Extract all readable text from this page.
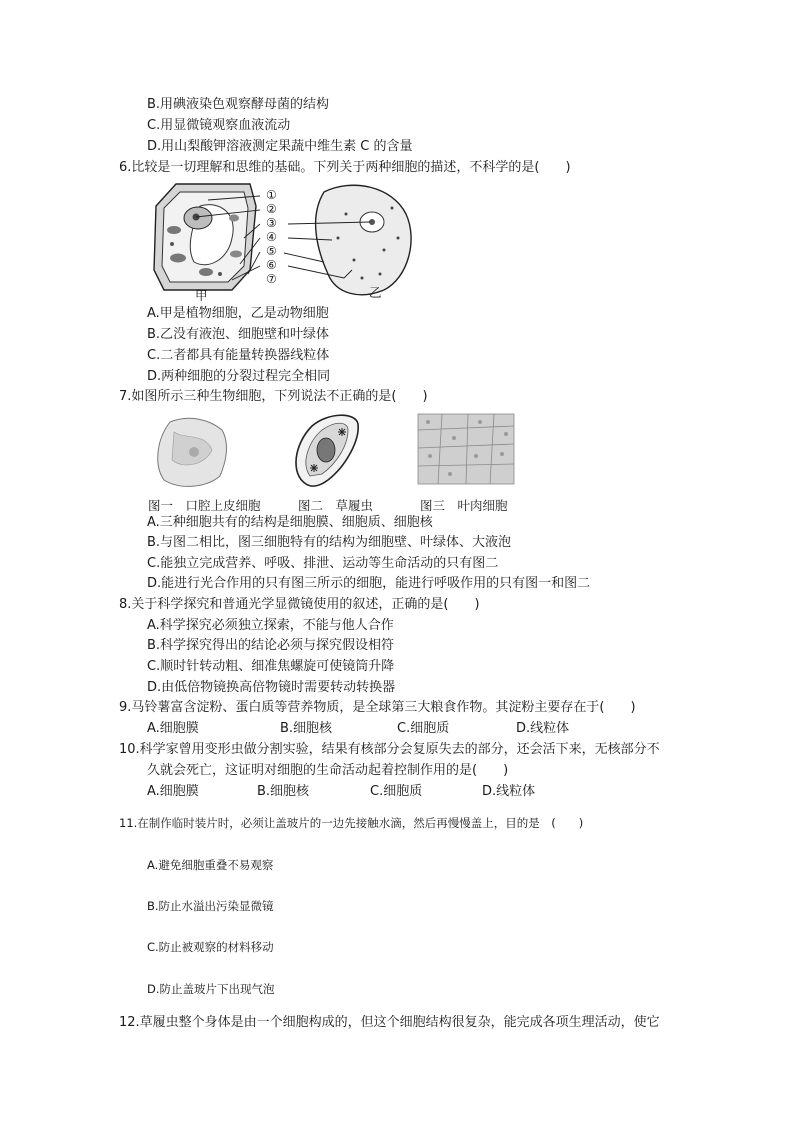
B.用碘液染色观察酵母菌的结构
C.用显微镜观察血液流动
D.用山梨酸钾溶液测定果蔬中维生素 C 的含量
6.比较是一切理解和思维的基础。下列关于两种细胞的描述，不科学的是(　　)
①
②
③
④
⑤
⑥
⑦
甲	乙
A.甲是植物细胞，乙是动物细胞
B.乙没有液泡、细胞壁和叶绿体
C.二者都具有能量转换器线粒体
D.两种细胞的分裂过程完全相同
7.如图所示三种生物细胞，下列说法不正确的是(　　)
图一　口腔上皮细胞	图二　草履虫	图三　叶肉细胞
A.三种细胞共有的结构是细胞膜、细胞质、细胞核
B.与图二相比，图三细胞特有的结构为细胞壁、叶绿体、大液泡
C.能独立完成营养、呼吸、排泄、运动等生命活动的只有图二
D.能进行光合作用的只有图三所示的细胞，能进行呼吸作用的只有图一和图二
8.关于科学探究和普通光学显微镜使用的叙述，正确的是(　　)
A.科学探究必须独立探索，不能与他人合作
B.科学探究得出的结论必须与探究假设相符
C.顺时针转动粗、细准焦螺旋可使镜筒升降
D.由低倍物镜换高倍物镜时需要转动转换器
9.马铃薯富含淀粉、蛋白质等营养物质，是全球第三大粮食作物。其淀粉主要存在于(　　)
A.细胞膜	B.细胞核	C.细胞质	D.线粒体
10.科学家曾用变形虫做分割实验，结果有核部分会复原失去的部分，还会活下来，无核部分不
久就会死亡，这证明对细胞的生命活动起着控制作用的是(　　)
A.细胞膜	B.细胞核	C.细胞质	D.线粒体
11.在制作临时装片时，必须让盖玻片的一边先接触水滴，然后再慢慢盖上，目的是　(　　)
A.避免细胞重叠不易观察
B.防止水溢出污染显微镜
C.防止被观察的材料移动
D.防止盖玻片下出现气泡
12.草履虫整个身体是由一个细胞构成的，但这个细胞结构很复杂，能完成各项生理活动，使它
